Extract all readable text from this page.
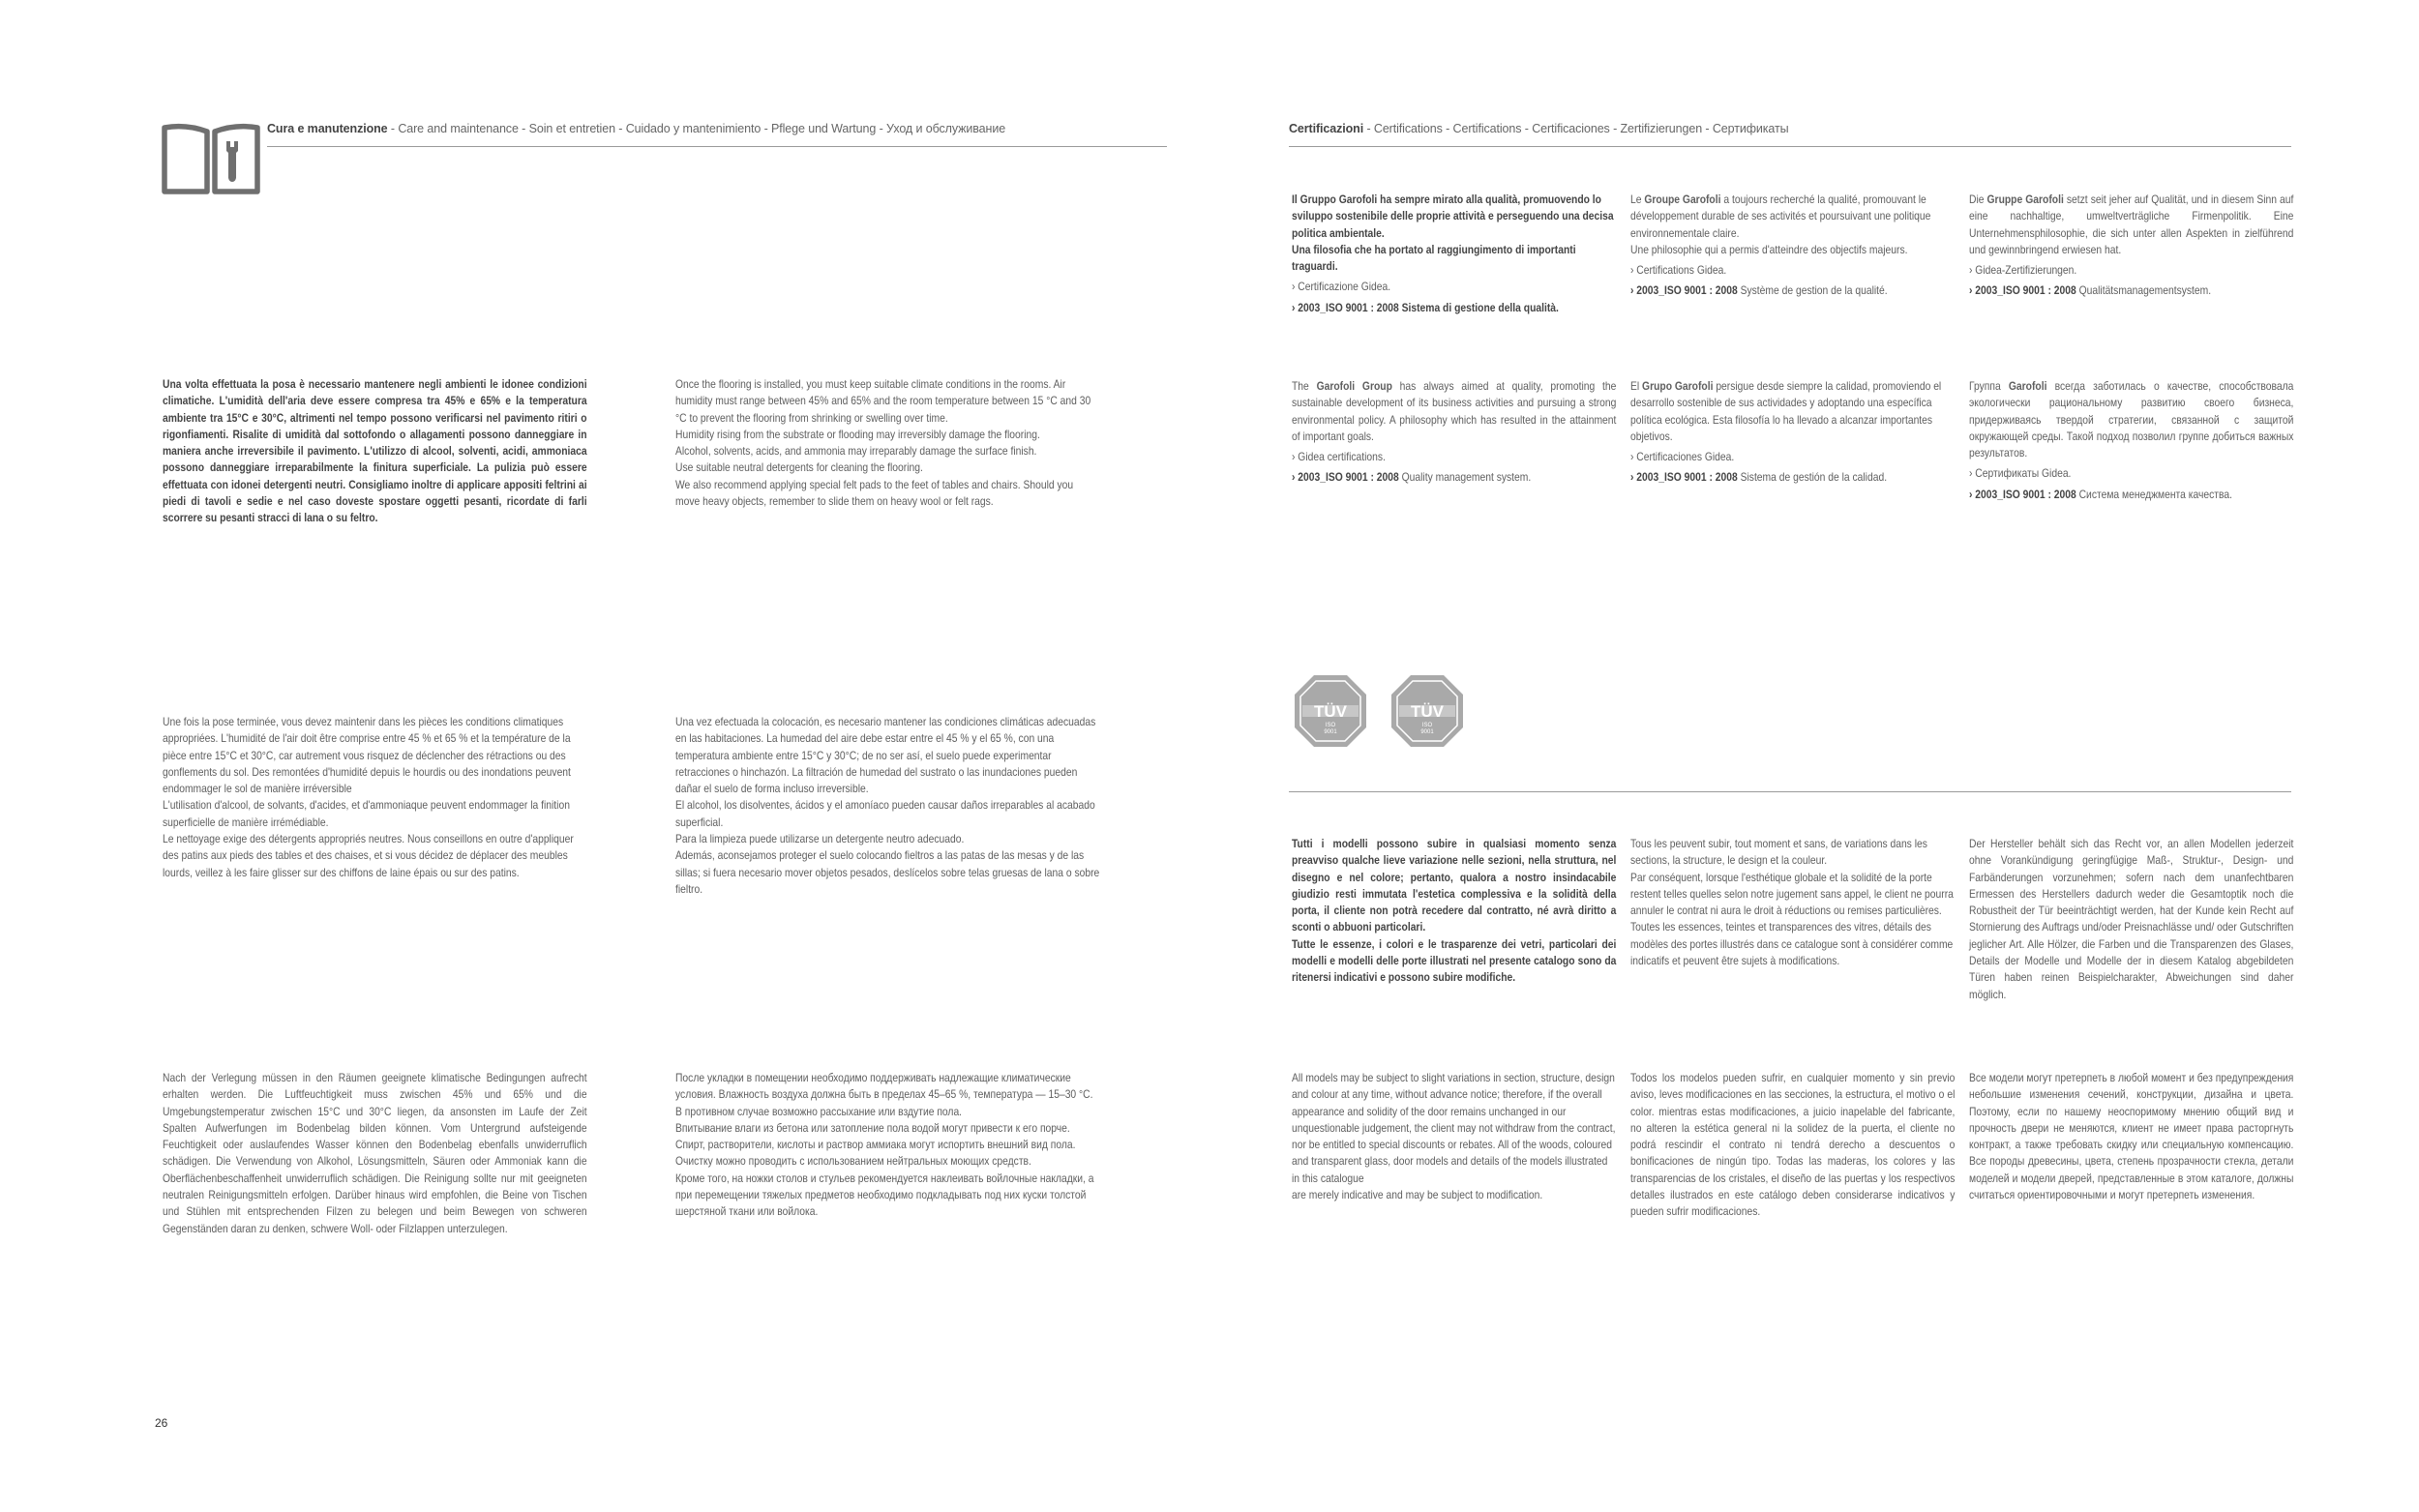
Cura e manutenzione - Care and maintenance - Soin et entretien - Cuidado y mantenimiento - Pflege und Wartung - Уход и обслуживание

Una volta effettuata la posa è necessario mantenere negli ambienti le idonee condizioni climatiche. L'umidità dell'aria deve essere compresa tra 45% e 65% e la temperatura ambiente tra 15°C e 30°C, altrimenti nel tempo possono verificarsi nel pavimento ritiri o rigonfiamenti. Risalite di umidità dal sottofondo o allagamenti possono danneggiare in maniera anche irreversibile il pavimento. L'utilizzo di alcool, solventi, acidi, ammoniaca possono danneggiare irreparabilmente la finitura superficiale. La pulizia può essere effettuata con idonei detergenti neutri. Consigliamo inoltre di applicare appositi feltrini ai piedi di tavoli e sedie e nel caso doveste spostare oggetti pesanti, ricordate di farli scorrere su pesanti stracci di lana o su feltro.

Once the flooring is installed, you must keep suitable climate conditions in the rooms. Air humidity must range between 45% and 65% and the room temperature between 15 °C and 30 °C to prevent the flooring from shrinking or swelling over time.

Humidity rising from the substrate or flooding may irreversibly damage the flooring.

Alcohol, solvents, acids, and ammonia may irreparably damage the surface finish.

Use suitable neutral detergents for cleaning the flooring.

We also recommend applying special felt pads to the feet of tables and chairs. Should you move heavy objects, remember to slide them on heavy wool or felt rags.

Une fois la pose terminée, vous devez maintenir dans les pièces les conditions climatiques appropriées. L'humidité de l'air doit être comprise entre 45 % et 65 % et la température de la pièce entre 15°C et 30°C, car autrement vous risquez de déclencher des rétractions ou des gonflements du sol. Des remontées d'humidité depuis le hourdis ou des inondations peuvent endommager le sol de manière irréversible

L'utilisation d'alcool, de solvants, d'acides, et d'ammoniaque peuvent endommager la finition superficielle de manière irrémédiable.

Le nettoyage exige des détergents appropriés neutres. Nous conseillons en outre d'appliquer des patins aux pieds des tables et des chaises, et si vous décidez de déplacer des meubles lourds, veillez à les faire glisser sur des chiffons de laine épais ou sur des patins.

Una vez efectuada la colocación, es necesario mantener las condiciones climáticas adecuadas en las habitaciones. La humedad del aire debe estar entre el 45 % y el 65 %, con una temperatura ambiente entre 15°C y 30°C; de no ser así, el suelo puede experimentar retracciones o hinchazón. La filtración de humedad del sustrato o las inundaciones pueden dañar el suelo de forma incluso irreversible.

El alcohol, los disolventes, ácidos y el amoníaco pueden causar daños irreparables al acabado superficial.

Para la limpieza puede utilizarse un detergente neutro adecuado.

Además, aconsejamos proteger el suelo colocando fieltros a las patas de las mesas y de las sillas; si fuera necesario mover objetos pesados, deslícelos sobre telas gruesas de lana o sobre fieltro.

Nach der Verlegung müssen in den Räumen geeignete klimatische Bedingungen aufrecht erhalten werden. Die Luftfeuchtigkeit muss zwischen 45% und 65% und die Umgebungstemperatur zwischen 15°C und 30°C liegen, da ansonsten im Laufe der Zeit Spalten Aufwerfungen im Bodenbelag bilden können. Vom Untergrund aufsteigende Feuchtigkeit oder auslaufendes Wasser können den Bodenbelag ebenfalls unwiderruflich schädigen. Die Verwendung von Alkohol, Lösungsmitteln, Säuren oder Ammoniak kann die Oberflächenbeschaffenheit unwiderruflich schädigen. Die Reinigung sollte nur mit geeigneten neutralen Reinigungsmitteln erfolgen. Darüber hinaus wird empfohlen, die Beine von Tischen und Stühlen mit entsprechenden Filzen zu belegen und beim Bewegen von schweren Gegenständen daran zu denken, schwere Woll- oder Filzlappen unterzulegen.

После укладки в помещении необходимо поддерживать надлежащие климатические условия. Влажность воздуха должна быть в пределах 45–65 %, температура — 15–30 °C. В противном случае возможно рассыхание или вздутие пола.

Впитывание влаги из бетона или затопление пола водой могут привести к его порче.

Спирт, растворители, кислоты и раствор аммиака могут испортить внешний вид пола.

Очистку можно проводить с использованием нейтральных моющих средств.

Кроме того, на ножки столов и стульев рекомендуется наклеивать войлочные накладки, а при перемещении тяжелых предметов необходимо подкладывать под них куски толстой шерстяной ткани или войлока.

26
Certificazioni - Certifications - Certifications - Certificaciones - Zertifizierungen - Сертификаты

Il Gruppo Garofoli ha sempre mirato alla qualità, promuovendo lo sviluppo sostenibile delle proprie attività e perseguendo una decisa politica ambientale.

Una filosofia che ha portato al raggiungimento di importanti traguardi.

› Certificazione Gidea.

› 2003_ISO 9001 : 2008 Sistema di gestione della qualità.

Le Groupe Garofoli a toujours recherché la qualité, promouvant le développement durable de ses activités et poursuivant une politique environnementale claire.

Une philosophie qui a permis d'atteindre des objectifs majeurs.

› Certifications Gidea.

› 2003_ISO 9001 : 2008 Système de gestion de la qualité.

Die Gruppe Garofoli setzt seit jeher auf Qualität, und in diesem Sinn auf eine nachhaltige, umweltverträgliche Firmenpolitik. Eine Unternehmensphilosophie, die sich unter allen Aspekten in zielführend und gewinnbringend erwiesen hat.

› Gidea-Zertifizierungen.

› 2003_ISO 9001 : 2008 Qualitätsmanagementsystem.

The Garofoli Group has always aimed at quality, promoting the sustainable development of its business activities and pursuing a strong environmental policy. A philosophy which has resulted in the attainment of important goals.

› Gidea certifications.

› 2003_ISO 9001 : 2008 Quality management system.

El Grupo Garofoli persigue desde siempre la calidad, promoviendo el desarrollo sostenible de sus actividades y adoptando una específica política ecológica. Esta filosofía lo ha llevado a alcanzar importantes objetivos.

› Certificaciones Gidea.

› 2003_ISO 9001 : 2008 Sistema de gestión de la calidad.

Группа Garofoli всегда заботилась о качестве, способствовала экологически рациональному развитию своего бизнеса, придерживаясь твердой стратегии, связанной с защитой окружающей среды. Такой подход позволил группе добиться важных результатов.

› Сертификаты Gidea.

› 2003_ISO 9001 : 2008 Система менеджмента качества.

TÜV
ISO
9001
TÜV
ISO
9001

Tutti i modelli possono subire in qualsiasi momento senza preavviso qualche lieve variazione nelle sezioni, nella struttura, nel disegno e nel colore; pertanto, qualora a nostro insindacabile giudizio resti immutata l'estetica complessiva e la solidità della porta, il cliente non potrà recedere dal contratto, né avrà diritto a sconti o abbuoni particolari.

Tutte le essenze, i colori e le trasparenze dei vetri, particolari dei modelli e modelli delle porte illustrati nel presente catalogo sono da ritenersi indicativi e possono subire modifiche.

Tous les peuvent subir, tout moment et sans, de variations dans les sections, la structure, le design et la couleur.

Par conséquent, lorsque l'esthétique globale et la solidité de la porte restent telles quelles selon notre jugement sans appel, le client ne pourra annuler le contrat ni aura le droit à réductions ou remises particulières.

Toutes les essences, teintes et transparences des vitres, détails des modèles des portes illustrés dans ce catalogue sont à considérer comme indicatifs et peuvent être sujets à modifications.

Der Hersteller behält sich das Recht vor, an allen Modellen jederzeit ohne Vorankündigung geringfügige Maß-, Struktur-, Design- und Farbänderungen vorzunehmen; sofern nach dem unanfechtbaren Ermessen des Herstellers dadurch weder die Gesamtoptik noch die Robustheit der Tür beeinträchtigt werden, hat der Kunde kein Recht auf Stornierung des Auftrags und/oder Preisnachlässe und/ oder Gutschriften jeglicher Art. Alle Hölzer, die Farben und die Transparenzen des Glases, Details der Modelle und Modelle der in diesem Katalog abgebildeten Türen haben reinen Beispielcharakter, Abweichungen sind daher möglich.

All models may be subject to slight variations in section, structure, design and colour at any time, without advance notice; therefore, if the overall appearance and solidity of the door remains unchanged in our unquestionable judgement, the client may not withdraw from the contract, nor be entitled to special discounts or rebates. All of the woods, coloured and transparent glass, door models and details of the models illustrated in this catalogue

are merely indicative and may be subject to modification.

Todos los modelos pueden sufrir, en cualquier momento y sin previo aviso, leves modificaciones en las secciones, la estructura, el motivo o el color. mientras estas modificaciones, a juicio inapelable del fabricante, no alteren la estética general ni la solidez de la puerta, el cliente no podrá rescindir el contrato ni tendrá derecho a descuentos o bonificaciones de ningún tipo. Todas las maderas, los colores y las transparencias de los cristales, el diseño de las puertas y los respectivos detalles ilustrados en este catálogo deben considerarse indicativos y pueden sufrir modificaciones.

Все модели могут претерпеть в любой момент и без предупреждения небольшие изменения сечений, конструкции, дизайна и цвета. Поэтому, если по нашему неоспоримому мнению общий вид и прочность двери не меняются, клиент не имеет права расторгнуть контракт, а также требовать скидку или специальную компенсацию. Все породы древесины, цвета, степень прозрачности стекла, детали моделей и модели дверей, представленные в этом каталоге, должны считаться ориентировочными и могут претерпеть изменения.
